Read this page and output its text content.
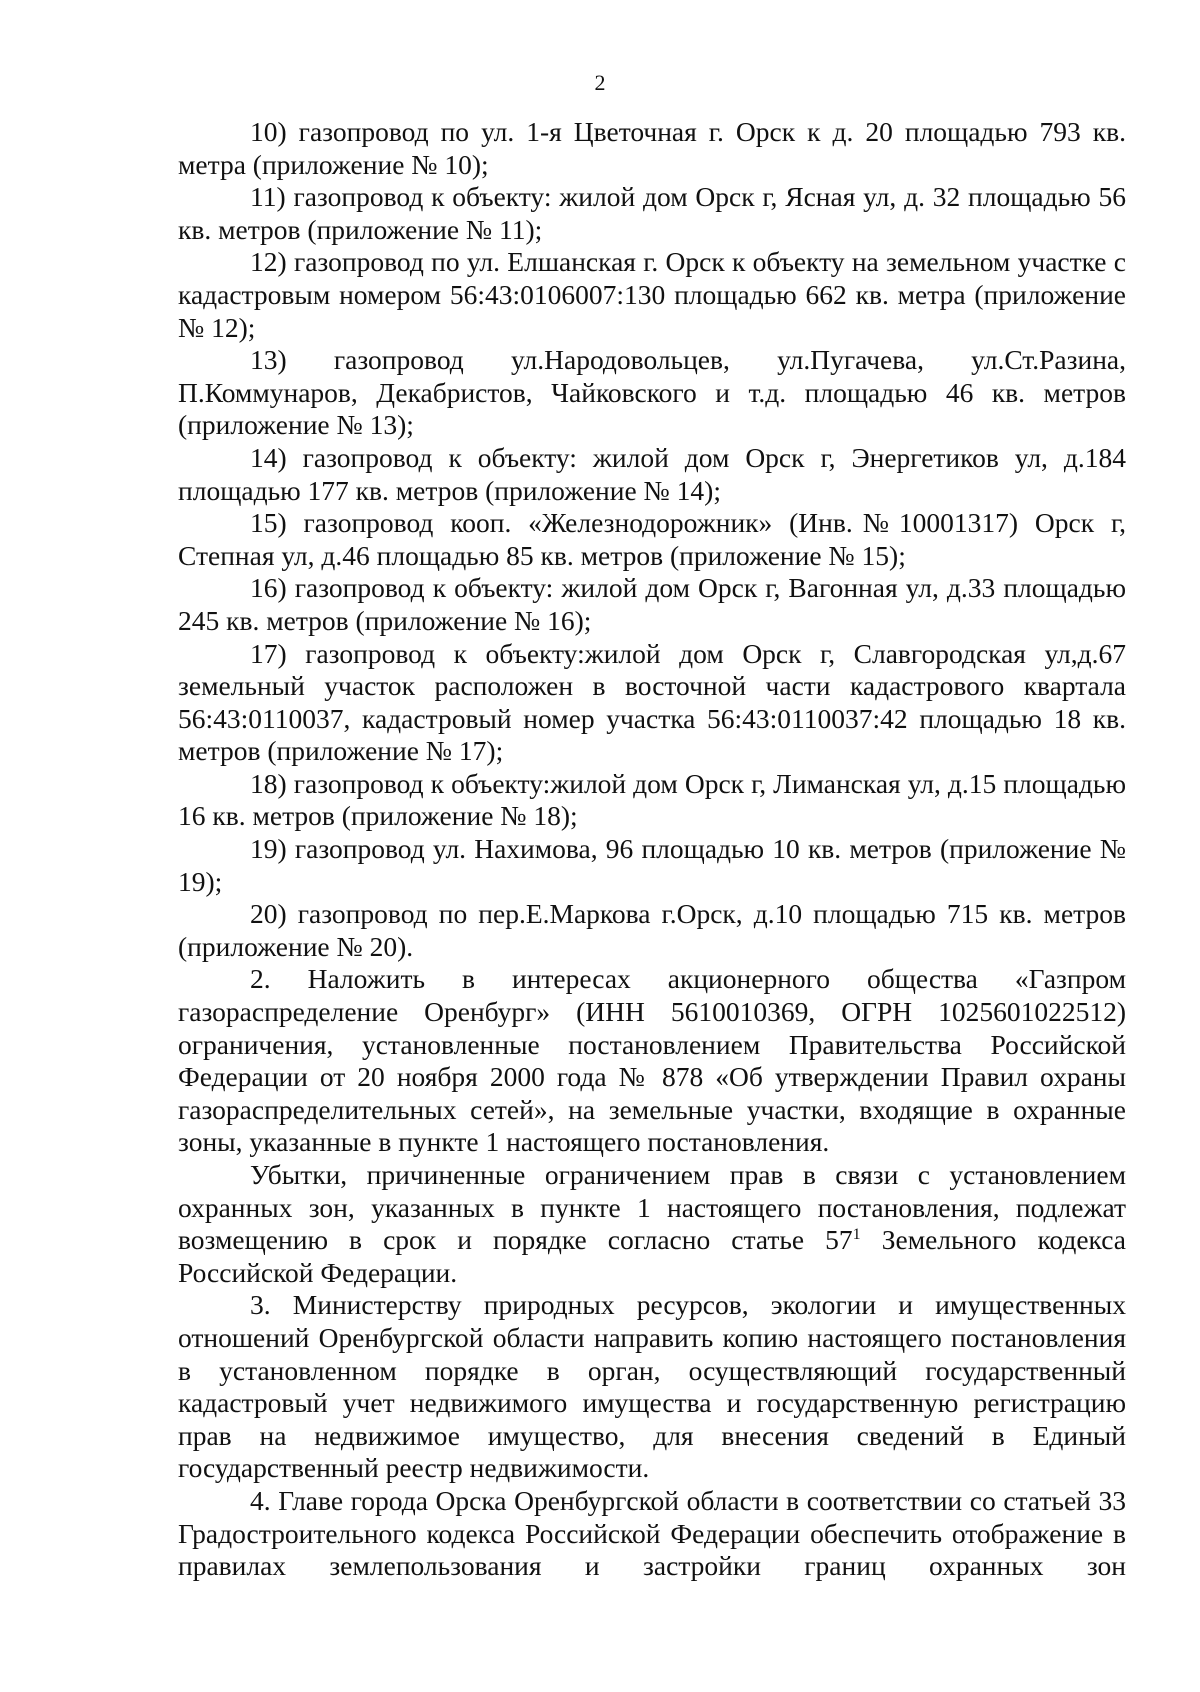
2

10) газопровод по ул. 1-я Цветочная г. Орск к д. 20 площадью 793 кв. метра (приложение № 10);

11) газопровод к объекту: жилой дом Орск г, Ясная ул, д. 32 площадью 56 кв. метров (приложение № 11);

12) газопровод по ул. Елшанская г. Орск к объекту на земельном участке с кадастровым номером 56:43:0106007:130 площадью 662 кв. метра (приложение № 12);

13) газопровод ул.Народовольцев, ул.Пугачева, ул.Ст.Разина, П.Коммунаров, Декабристов, Чайковского и т.д. площадью 46 кв. метров (приложение № 13);

14) газопровод к объекту: жилой дом Орск г, Энергетиков ул, д.184 площадью 177 кв. метров (приложение № 14);

15) газопровод кооп. «Железнодорожник» (Инв.№10001317) Орск г, Степная ул, д.46 площадью 85 кв. метров (приложение № 15);

16) газопровод к объекту: жилой дом Орск г, Вагонная ул, д.33 площадью 245 кв. метров (приложение № 16);

17) газопровод к объекту:жилой дом Орск г, Славгородская ул,д.67 земельный участок расположен в восточной части кадастрового квартала 56:43:0110037, кадастровый номер участка 56:43:0110037:42 площадью 18 кв. метров (приложение № 17);

18) газопровод к объекту:жилой дом Орск г, Лиманская ул, д.15 площадью 16 кв. метров (приложение № 18);

19) газопровод ул. Нахимова, 96 площадью 10 кв. метров (приложение № 19);

20) газопровод по пер.Е.Маркова г.Орск, д.10 площадью 715 кв. метров (приложение № 20).

2. Наложить в интересах акционерного общества «Газпром газораспределение Оренбург» (ИНН 5610010369, ОГРН 1025601022512) ограничения, установленные постановлением Правительства Российской Федерации от 20 ноября 2000 года № 878 «Об утверждении Правил охраны газораспределительных сетей», на земельные участки, входящие в охранные зоны, указанные в пункте 1 настоящего постановления.

Убытки, причиненные ограничением прав в связи с установлением охранных зон, указанных в пункте 1 настоящего постановления, подлежат возмещению в срок и порядке согласно статье $57^1$ Земельного кодекса Российской Федерации.

3. Министерству природных ресурсов, экологии и имущественных отношений Оренбургской области направить копию настоящего постановления в установленном порядке в орган, осуществляющий государственный кадастровый учет недвижимого имущества и государственную регистрацию прав на недвижимое имущество, для внесения сведений в Единый государственный реестр недвижимости.

4. Главе города Орска Оренбургской области в соответствии со статьей 33 Градостроительного кодекса Российской Федерации обеспечить отображение в правилах землепользования и застройки границ охранных зон
